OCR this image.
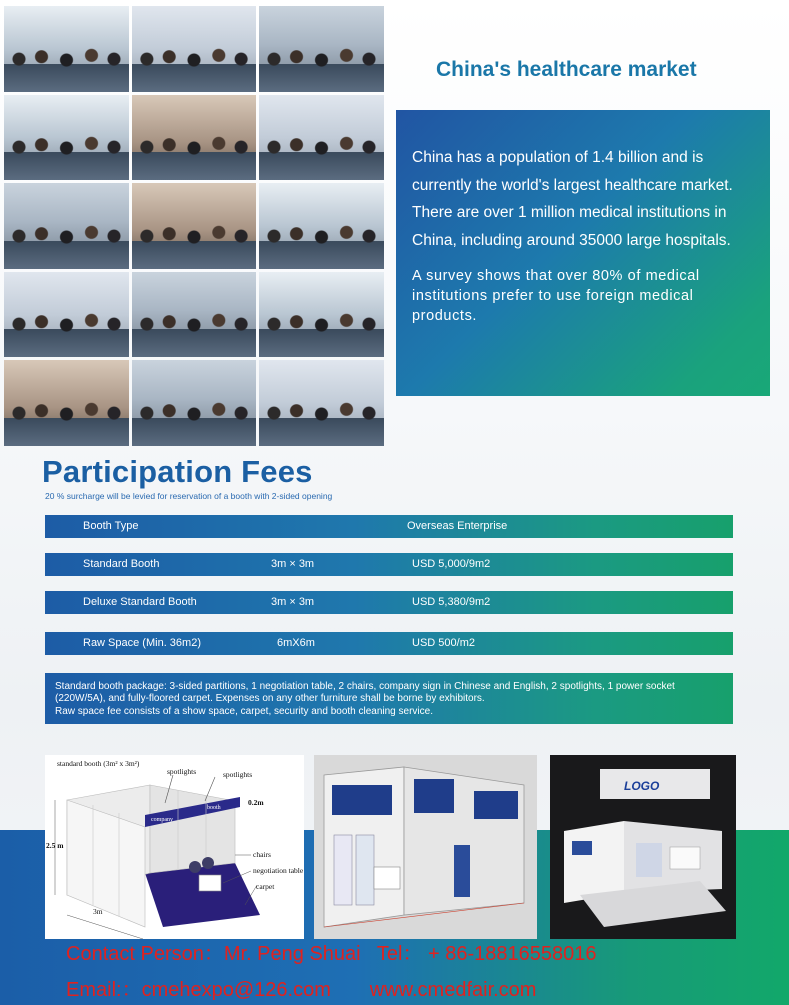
China's healthcare market

China has a population of 1.4 billion and is currently the world's largest healthcare market. There are over 1 million medical institutions in China, including around 35000 large hospitals.

A survey shows that over 80% of medical institutions prefer to use foreign medical products.

Participation Fees
20 % surcharge will be levied for reservation of a booth with 2-sided opening
Booth Type	Overseas Enterprise
Standard Booth	3m × 3m	USD 5,000/9m2
Deluxe Standard Booth	3m × 3m	USD 5,380/9m2
Raw Space (Min. 36m2)	6mX6m	USD 500/m2
Standard booth package: 3-sided partitions, 1 negotiation table, 2 chairs, company sign in Chinese and English, 2 spotlights, 1 power socket (220W/5A), and fully-floored carpet. Expenses on any other furniture shall be borne by exhibitors.
Raw space fee consists of a show space, carpet, security and booth cleaning service.
standard booth (3m² x 3m²)
spotlights	spotlights
0.2m
2.5 m
3m
company
booth
chairs
negotiation table
carpet
LOGO
Contact Person：Mr. Peng Shuai   Tel： + 86-18816558016
Email:：cmehexpo@126.com       www.cmedfair.com
